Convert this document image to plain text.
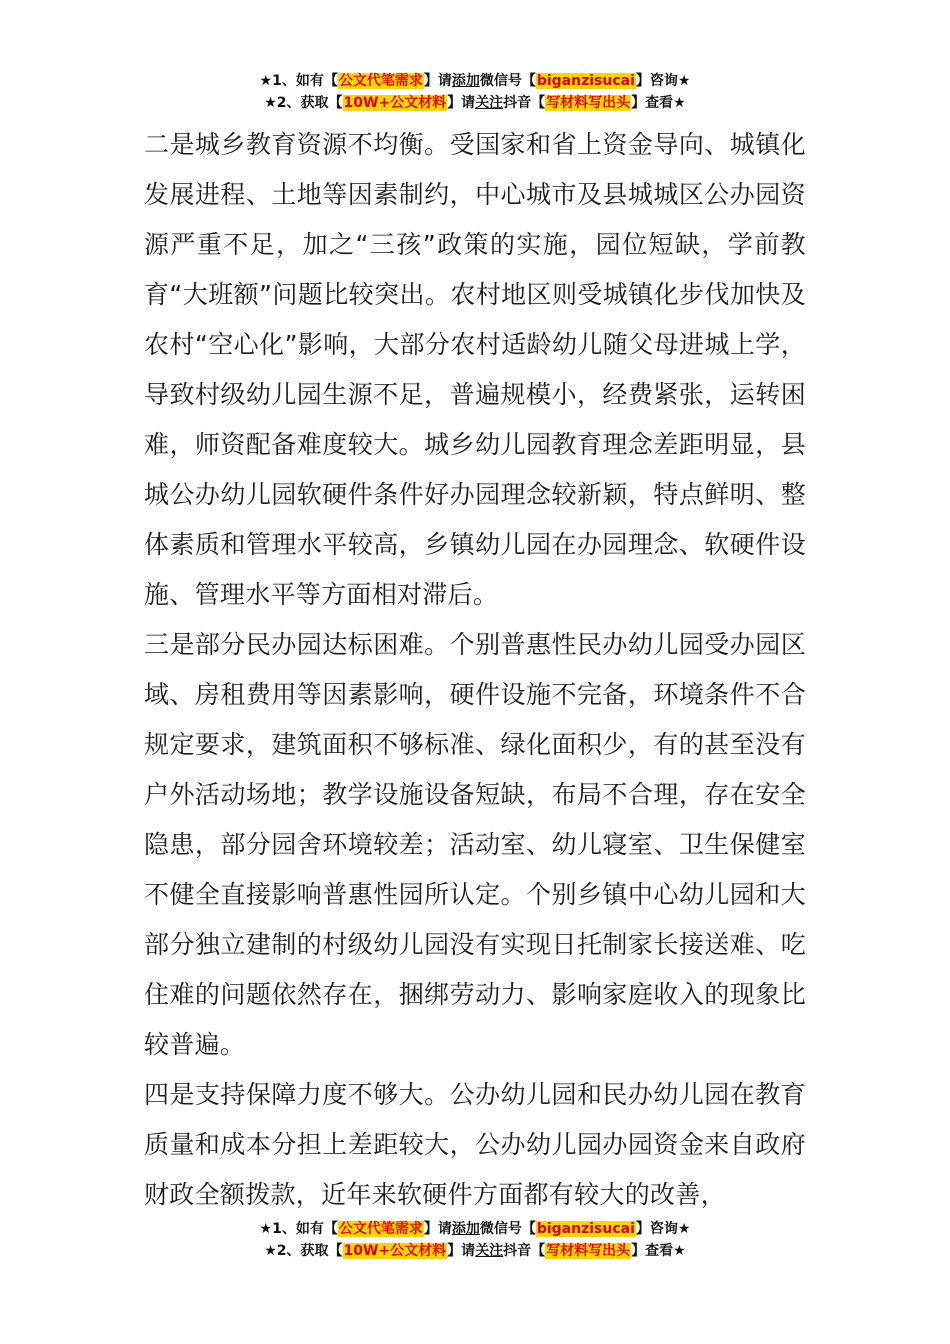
★1、如有【公文代笔需求】请添加微信号【biganzisucai】咨询★
★2、获取【10W+公文材料】请关注抖音【写材料写出头】查看★

二是城乡教育资源不均衡。受国家和省上资金导向、城镇化发展进程、土地等因素制约，中心城市及县城城区公办园资源严重不足，加之“三孩”政策的实施，园位短缺，学前教育“大班额”问题比较突出。农村地区则受城镇化步伐加快及农村“空心化”影响，大部分农村适龄幼儿随父母进城上学，导致村级幼儿园生源不足，普遍规模小，经费紧张，运转困难，师资配备难度较大。城乡幼儿园教育理念差距明显，县城公办幼儿园软硬件条件好办园理念较新颖，特点鲜明、整体素质和管理水平较高，乡镇幼儿园在办园理念、软硬件设施、管理水平等方面相对滞后。

三是部分民办园达标困难。个别普惠性民办幼儿园受办园区域、房租费用等因素影响，硬件设施不完备，环境条件不合规定要求，建筑面积不够标准、绿化面积少，有的甚至没有户外活动场地；教学设施设备短缺，布局不合理，存在安全隐患，部分园舍环境较差；活动室、幼儿寝室、卫生保健室不健全直接影响普惠性园所认定。个别乡镇中心幼儿园和大部分独立建制的村级幼儿园没有实现日托制家长接送难、吃住难的问题依然存在，捆绑劳动力、影响家庭收入的现象比较普遍。

四是支持保障力度不够大。公办幼儿园和民办幼儿园在教育质量和成本分担上差距较大，公办幼儿园办园资金来自政府财政全额拨款，近年来软硬件方面都有较大的改善，

★1、如有【公文代笔需求】请添加微信号【biganzisucai】咨询★
★2、获取【10W+公文材料】请关注抖音【写材料写出头】查看★
